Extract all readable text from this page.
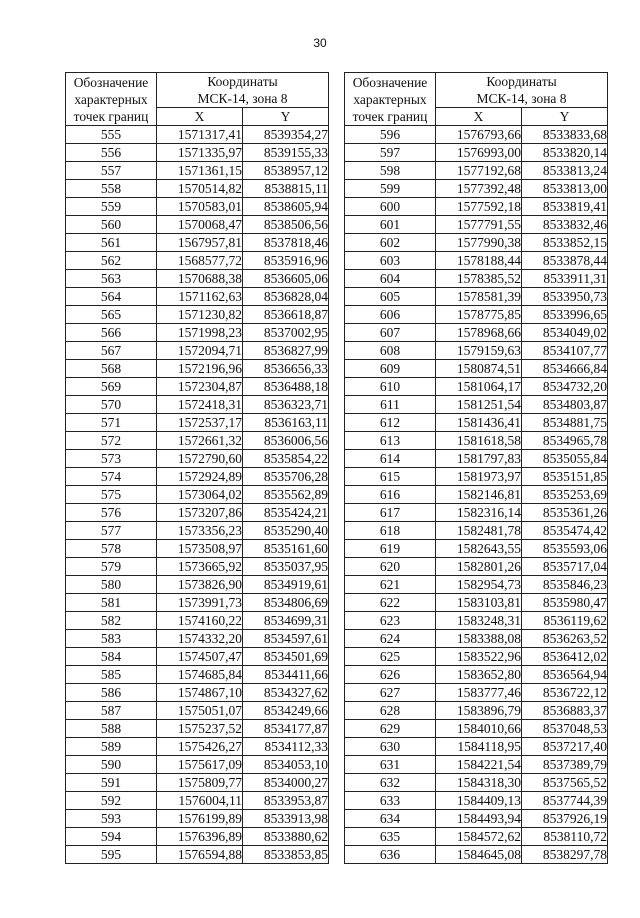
30
Обозначение
характерных
точек границ	Координаты
МСК-14, зона 8	
	X	Y
555	1571317,41	8539354,27
556	1571335,97	8539155,33
557	1571361,15	8538957,12
558	1570514,82	8538815,11
559	1570583,01	8538605,94
560	1570068,47	8538506,56
561	1567957,81	8537818,46
562	1568577,72	8535916,96
563	1570688,38	8536605,06
564	1571162,63	8536828,04
565	1571230,82	8536618,87
566	1571998,23	8537002,95
567	1572094,71	8536827,99
568	1572196,96	8536656,33
569	1572304,87	8536488,18
570	1572418,31	8536323,71
571	1572537,17	8536163,11
572	1572661,32	8536006,56
573	1572790,60	8535854,22
574	1572924,89	8535706,28
575	1573064,02	8535562,89
576	1573207,86	8535424,21
577	1573356,23	8535290,40
578	1573508,97	8535161,60
579	1573665,92	8535037,95
580	1573826,90	8534919,61
581	1573991,73	8534806,69
582	1574160,22	8534699,31
583	1574332,20	8534597,61
584	1574507,47	8534501,69
585	1574685,84	8534411,66
586	1574867,10	8534327,62
587	1575051,07	8534249,66
588	1575237,52	8534177,87
589	1575426,27	8534112,33
590	1575617,09	8534053,10
591	1575809,77	8534000,27
592	1576004,11	8533953,87
593	1576199,89	8533913,98
594	1576396,89	8533880,62
595	1576594,88	8533853,85
Обозначение
характерных
точек границ	Координаты
МСК-14, зона 8	
	X	Y
596	1576793,66	8533833,68
597	1576993,00	8533820,14
598	1577192,68	8533813,24
599	1577392,48	8533813,00
600	1577592,18	8533819,41
601	1577791,55	8533832,46
602	1577990,38	8533852,15
603	1578188,44	8533878,44
604	1578385,52	8533911,31
605	1578581,39	8533950,73
606	1578775,85	8533996,65
607	1578968,66	8534049,02
608	1579159,63	8534107,77
609	1580874,51	8534666,84
610	1581064,17	8534732,20
611	1581251,54	8534803,87
612	1581436,41	8534881,75
613	1581618,58	8534965,78
614	1581797,83	8535055,84
615	1581973,97	8535151,85
616	1582146,81	8535253,69
617	1582316,14	8535361,26
618	1582481,78	8535474,42
619	1582643,55	8535593,06
620	1582801,26	8535717,04
621	1582954,73	8535846,23
622	1583103,81	8535980,47
623	1583248,31	8536119,62
624	1583388,08	8536263,52
625	1583522,96	8536412,02
626	1583652,80	8536564,94
627	1583777,46	8536722,12
628	1583896,79	8536883,37
629	1584010,66	8537048,53
630	1584118,95	8537217,40
631	1584221,54	8537389,79
632	1584318,30	8537565,52
633	1584409,13	8537744,39
634	1584493,94	8537926,19
635	1584572,62	8538110,72
636	1584645,08	8538297,78
